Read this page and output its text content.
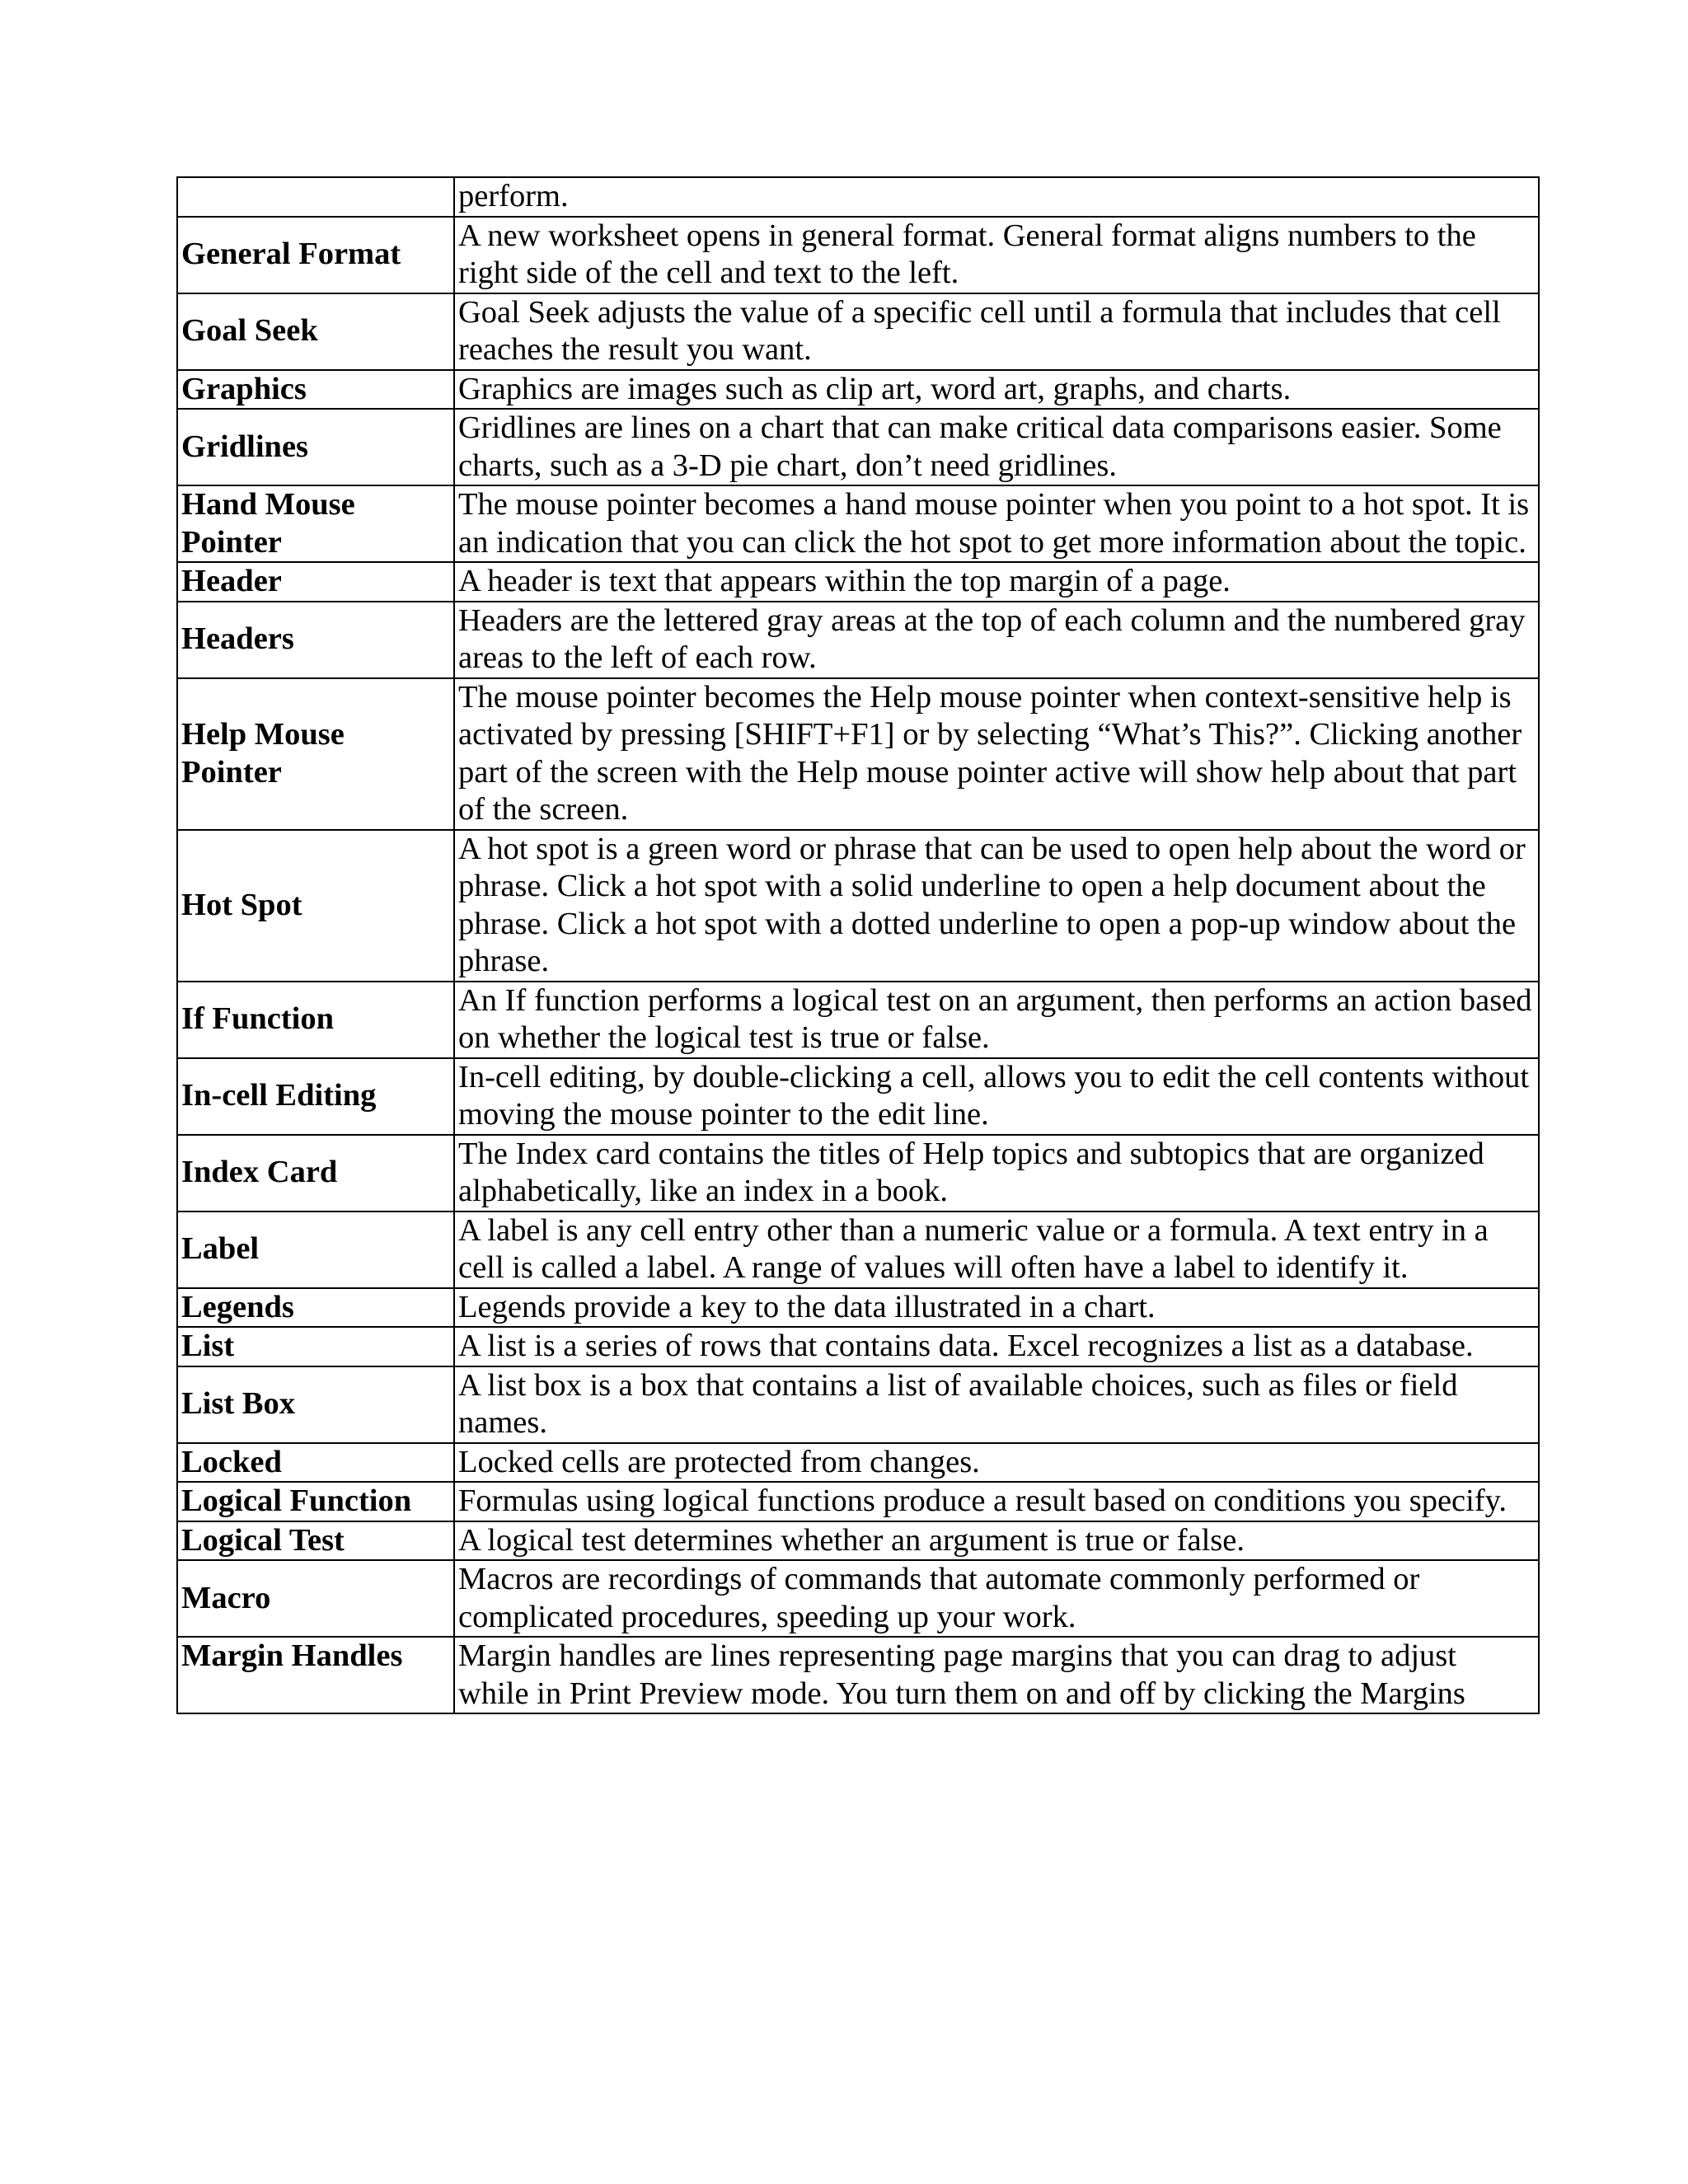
	perform.
General Format	A new worksheet opens in general format. General format aligns numbers to the right side of the cell and text to the left.
Goal Seek	Goal Seek adjusts the value of a specific cell until a formula that includes that cell reaches the result you want.
Graphics	Graphics are images such as clip art, word art, graphs, and charts.
Gridlines	Gridlines are lines on a chart that can make critical data comparisons easier. Some charts, such as a 3-D pie chart, don’t need gridlines.
Hand Mouse Pointer	The mouse pointer becomes a hand mouse pointer when you point to a hot spot. It is an indication that you can click the hot spot to get more information about the topic.
Header	A header is text that appears within the top margin of a page.
Headers	Headers are the lettered gray areas at the top of each column and the numbered gray areas to the left of each row.
Help Mouse Pointer	The mouse pointer becomes the Help mouse pointer when context-sensitive help is activated by pressing [SHIFT+F1] or by selecting “What’s This?”. Clicking another part of the screen with the Help mouse pointer active will show help about that part of the screen.
Hot Spot	A hot spot is a green word or phrase that can be used to open help about the word or phrase. Click a hot spot with a solid underline to open a help document about the phrase. Click a hot spot with a dotted underline to open a pop-up window about the phrase.
If Function	An If function performs a logical test on an argument, then performs an action based on whether the logical test is true or false.
In-cell Editing	In-cell editing, by double-clicking a cell, allows you to edit the cell contents without moving the mouse pointer to the edit line.
Index Card	The Index card contains the titles of Help topics and subtopics that are organized alphabetically, like an index in a book.
Label	A label is any cell entry other than a numeric value or a formula. A text entry in a cell is called a label. A range of values will often have a label to identify it.
Legends	Legends provide a key to the data illustrated in a chart.
List	A list is a series of rows that contains data. Excel recognizes a list as a database.
List Box	A list box is a box that contains a list of available choices, such as files or field names.
Locked	Locked cells are protected from changes.
Logical Function	Formulas using logical functions produce a result based on conditions you specify.
Logical Test	A logical test determines whether an argument is true or false.
Macro	Macros are recordings of commands that automate commonly performed or complicated procedures, speeding up your work.
Margin Handles	Margin handles are lines representing page margins that you can drag to adjust while in Print Preview mode. You turn them on and off by clicking the Margins
